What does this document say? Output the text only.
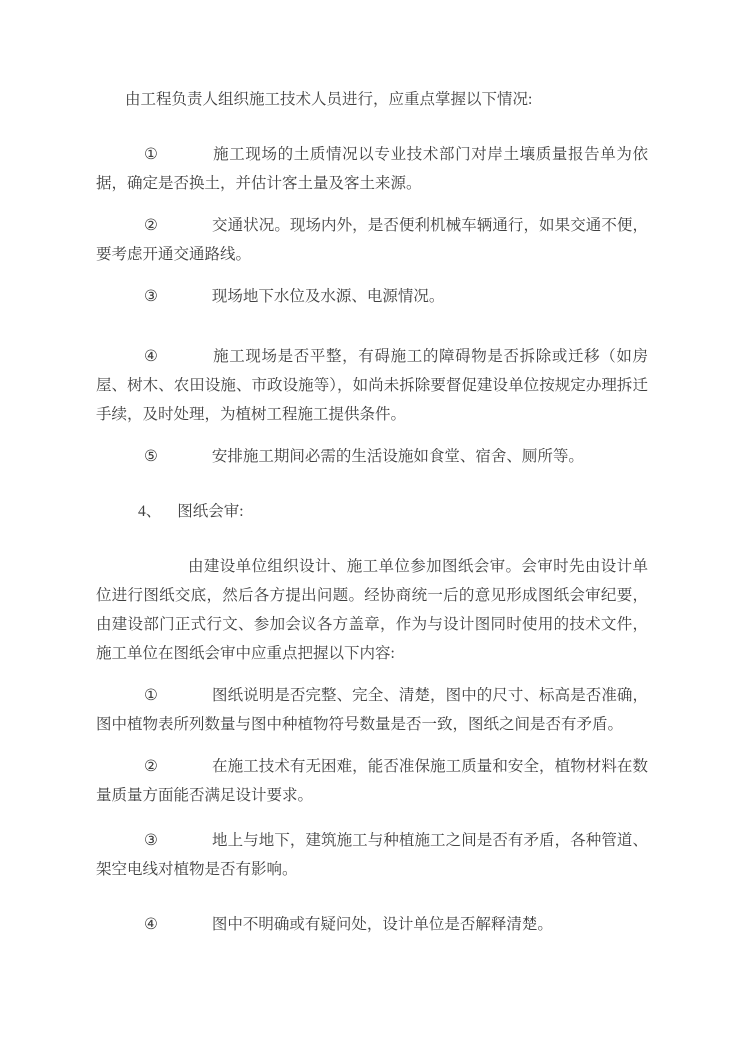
由工程负责人组织施工技术人员进行，应重点掌握以下情况:

①	施工现场的土质情况以专业技术部门对岸土壤质量报告单为依据，确定是否换土，并估计客土量及客土来源。

②	交通状况。现场内外，是否便利机械车辆通行，如果交通不便，要考虑开通交通路线。

③	现场地下水位及水源、电源情况。

④	施工现场是否平整，有碍施工的障碍物是否拆除或迁移（如房屋、树木、农田设施、市政设施等），如尚未拆除要督促建设单位按规定办理拆迁手续，及时处理，为植树工程施工提供条件。

⑤	安排施工期间必需的生活设施如食堂、宿舍、厕所等。

4、 图纸会审:

由建设单位组织设计、施工单位参加图纸会审。会审时先由设计单位进行图纸交底，然后各方提出问题。经协商统一后的意见形成图纸会审纪要，由建设部门正式行文、参加会议各方盖章，作为与设计图同时使用的技术文件，施工单位在图纸会审中应重点把握以下内容:

①	图纸说明是否完整、完全、清楚，图中的尺寸、标高是否准确，图中植物表所列数量与图中种植物符号数量是否一致，图纸之间是否有矛盾。

②	在施工技术有无困难，能否准保施工质量和安全，植物材料在数量质量方面能否满足设计要求。

③	地上与地下，建筑施工与种植施工之间是否有矛盾，各种管道、架空电线对植物是否有影响。

④	图中不明确或有疑问处，设计单位是否解释清楚。
